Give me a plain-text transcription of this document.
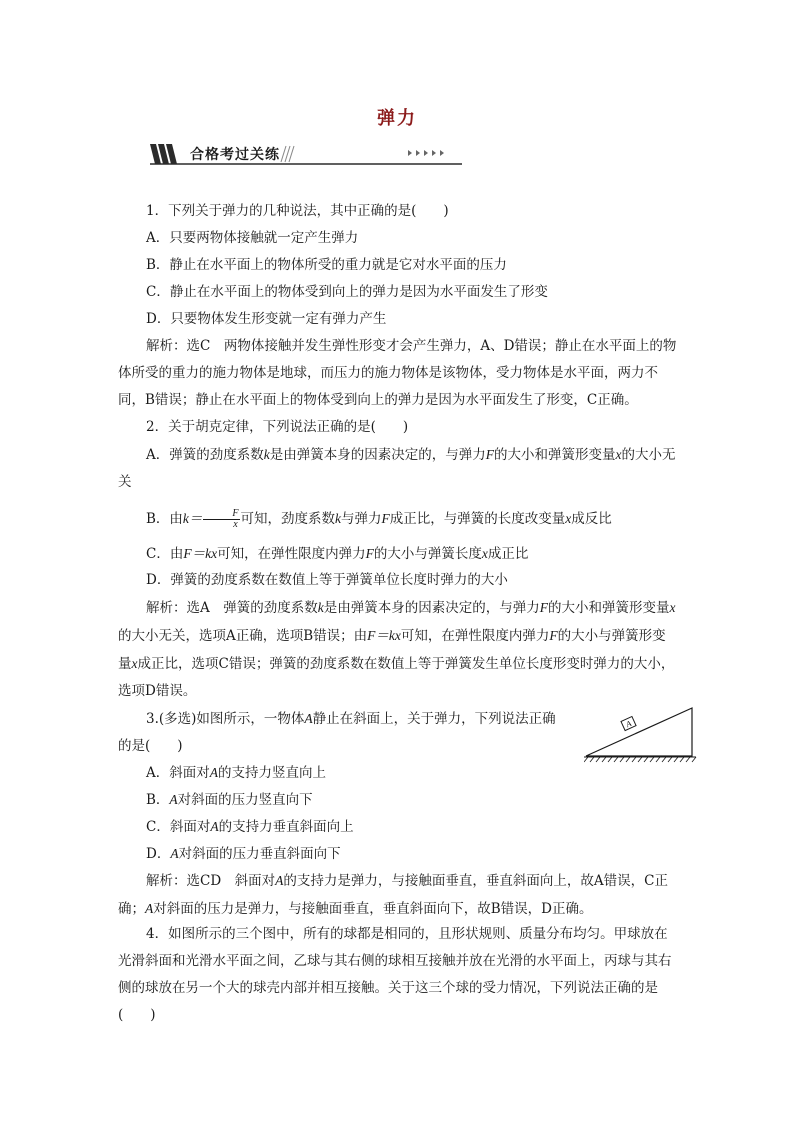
弹力
合格考过关练

1．下列关于弹力的几种说法，其中正确的是(　　)

A．只要两物体接触就一定产生弹力

B．静止在水平面上的物体所受的重力就是它对水平面的压力

C．静止在水平面上的物体受到向上的弹力是因为水平面发生了形变

D．只要物体发生形变就一定有弹力产生

解析：选C　两物体接触并发生弹性形变才会产生弹力，A、D错误；静止在水平面上的物体所受的重力的施力物体是地球，而压力的施力物体是该物体，受力物体是水平面，两力不同，B错误；静止在水平面上的物体受到向上的弹力是因为水平面发生了形变，C正确。

2．关于胡克定律，下列说法正确的是(　　)

A．弹簧的劲度系数k是由弹簧本身的因素决定的，与弹力F的大小和弹簧形变量x的大小无关

B．由$k= \frac{F}{x}$ 可知，劲度系数k与弹力F成正比，与弹簧的长度改变量x成反比

C．由F＝kx可知，在弹性限度内弹力F的大小与弹簧长度x成正比

D．弹簧的劲度系数在数值上等于弹簧单位长度时弹力的大小

解析：选A　弹簧的劲度系数k是由弹簧本身的因素决定的，与弹力F的大小和弹簧形变量x的大小无关，选项A正确，选项B错误；由F＝kx可知，在弹性限度内弹力F的大小与弹簧形变量x成正比，选项C错误；弹簧的劲度系数在数值上等于弹簧发生单位长度形变时弹力的大小，选项D错误。

3.(多选)如图所示，一物体A静止在斜面上，关于弹力，下列说法正确的是(　　)

A．斜面对A的支持力竖直向上

B．A对斜面的压力竖直向下

C．斜面对A的支持力垂直斜面向上

D．A对斜面的压力垂直斜面向下

解析：选CD　斜面对A的支持力是弹力，与接触面垂直，垂直斜面向上，故A错误，C正确；A对斜面的压力是弹力，与接触面垂直，垂直斜面向下，故B错误，D正确。

A

4．如图所示的三个图中，所有的球都是相同的，且形状规则、质量分布均匀。甲球放在光滑斜面和光滑水平面之间，乙球与其右侧的球相互接触并放在光滑的水平面上，丙球与其右侧的球放在另一个大的球壳内部并相互接触。关于这三个球的受力情况，下列说法正确的是(　　)
